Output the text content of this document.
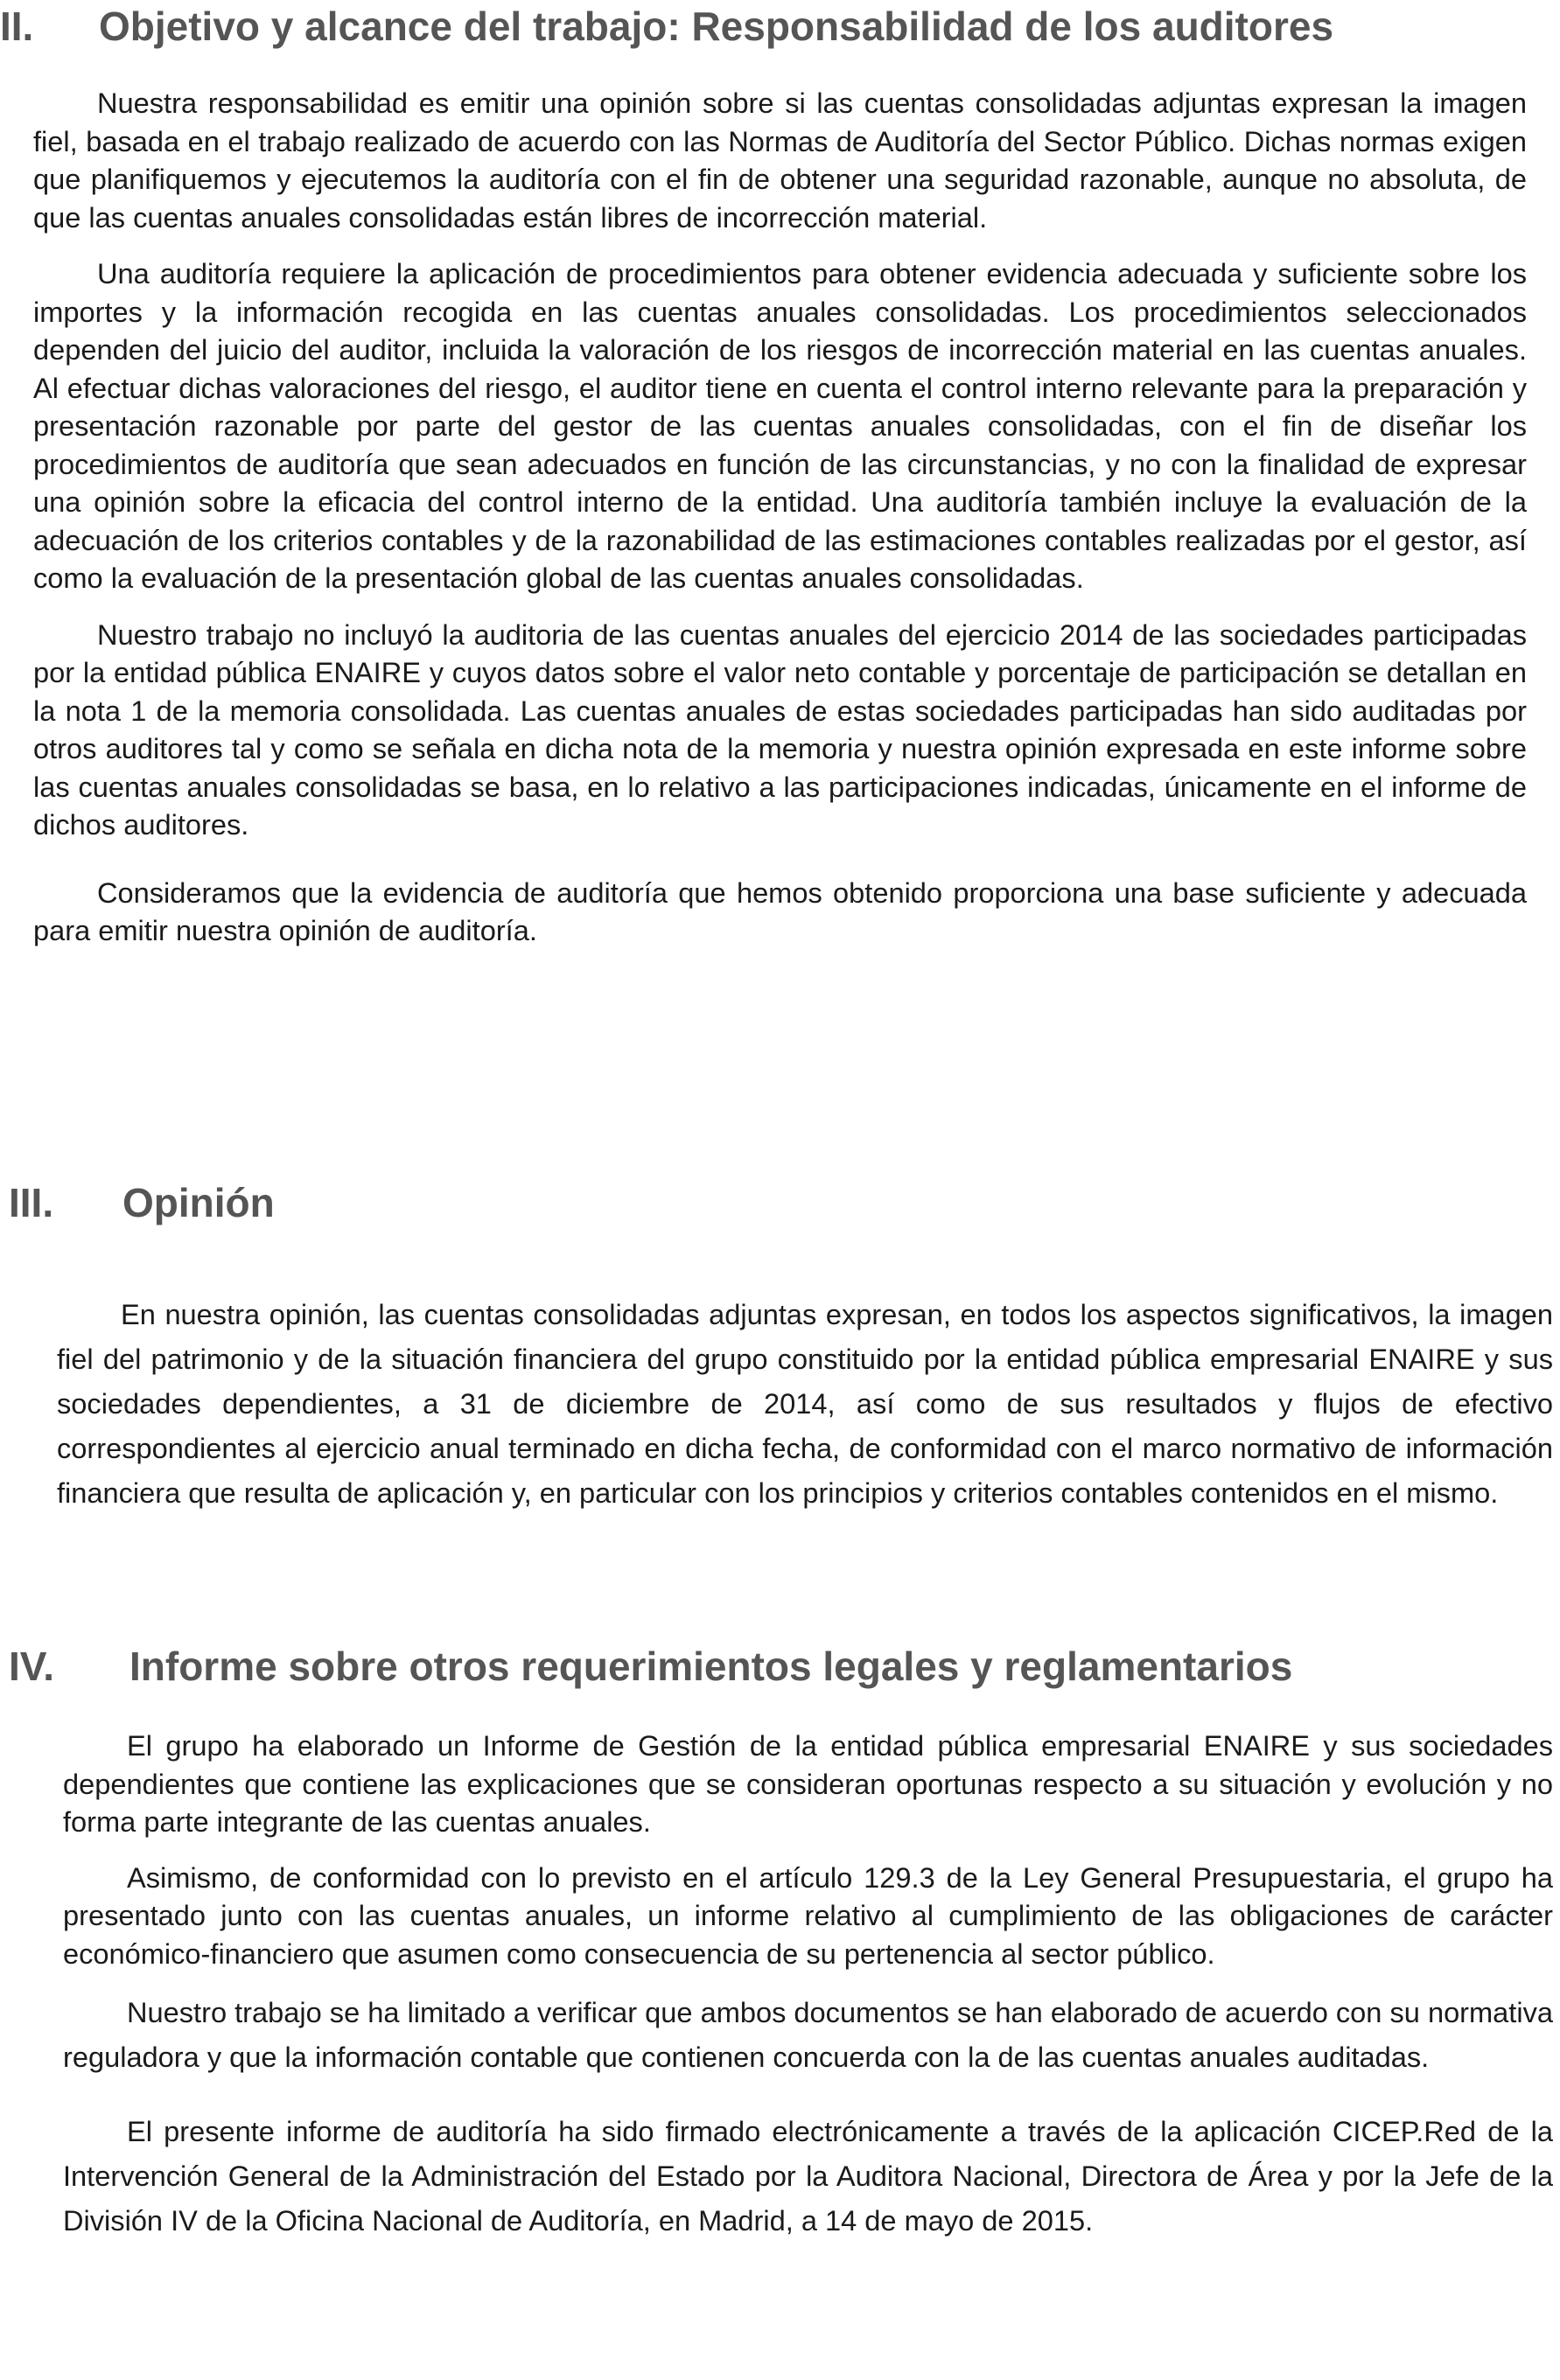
II. Objetivo y alcance del trabajo: Responsabilidad de los auditores

Nuestra responsabilidad es emitir una opinión sobre si las cuentas consolidadas adjuntas expresan la imagen fiel, basada en el trabajo realizado de acuerdo con las Normas de Auditoría del Sector Público. Dichas normas exigen que planifiquemos y ejecutemos la auditoría con el fin de obtener una seguridad razonable, aunque no absoluta, de que las cuentas anuales consolidadas están libres de incorrección material.

Una auditoría requiere la aplicación de procedimientos para obtener evidencia adecuada y suficiente sobre los importes y la información recogida en las cuentas anuales consolidadas. Los procedimientos seleccionados dependen del juicio del auditor, incluida la valoración de los riesgos de incorrección material en las cuentas anuales. Al efectuar dichas valoraciones del riesgo, el auditor tiene en cuenta el control interno relevante para la preparación y presentación razonable por parte del gestor de las cuentas anuales consolidadas, con el fin de diseñar los procedimientos de auditoría que sean adecuados en función de las circunstancias, y no con la finalidad de expresar una opinión sobre la eficacia del control interno de la entidad. Una auditoría también incluye la evaluación de la adecuación de los criterios contables y de la razonabilidad de las estimaciones contables realizadas por el gestor, así como la evaluación de la presentación global de las cuentas anuales consolidadas.

Nuestro trabajo no incluyó la auditoria de las cuentas anuales del ejercicio 2014 de las sociedades participadas por la entidad pública ENAIRE y cuyos datos sobre el valor neto contable y porcentaje de participación se detallan en la nota 1 de la memoria consolidada. Las cuentas anuales de estas sociedades participadas han sido auditadas por otros auditores tal y como se señala en dicha nota de la memoria y nuestra opinión expresada en este informe sobre las cuentas anuales consolidadas se basa, en lo relativo a las participaciones indicadas, únicamente en el informe de dichos auditores.

Consideramos que la evidencia de auditoría que hemos obtenido proporciona una base suficiente y adecuada para emitir nuestra opinión de auditoría.

III. Opinión

En nuestra opinión, las cuentas consolidadas adjuntas expresan, en todos los aspectos significativos, la imagen fiel del patrimonio y de la situación financiera del grupo constituido por la entidad pública empresarial ENAIRE y sus sociedades dependientes, a 31 de diciembre de 2014, así como de sus resultados y flujos de efectivo correspondientes al ejercicio anual terminado en dicha fecha, de conformidad con el marco normativo de información financiera que resulta de aplicación y, en particular con los principios y criterios contables contenidos en el mismo.

IV. Informe sobre otros requerimientos legales y reglamentarios

El grupo ha elaborado un Informe de Gestión de la entidad pública empresarial ENAIRE y sus sociedades dependientes que contiene las explicaciones que se consideran oportunas respecto a su situación y evolución y no forma parte integrante de las cuentas anuales.

Asimismo, de conformidad con lo previsto en el artículo 129.3 de la Ley General Presupuestaria, el grupo ha presentado junto con las cuentas anuales, un informe relativo al cumplimiento de las obligaciones de carácter económico-financiero que asumen como consecuencia de su pertenencia al sector público.

Nuestro trabajo se ha limitado a verificar que ambos documentos se han elaborado de acuerdo con su normativa reguladora y que la información contable que contienen concuerda con la de las cuentas anuales auditadas.

El presente informe de auditoría ha sido firmado electrónicamente a través de la aplicación CICEP.Red de la Intervención General de la Administración del Estado por la Auditora Nacional, Directora de Área y por la Jefe de la División IV de la Oficina Nacional de Auditoría, en Madrid, a 14 de mayo de 2015.
